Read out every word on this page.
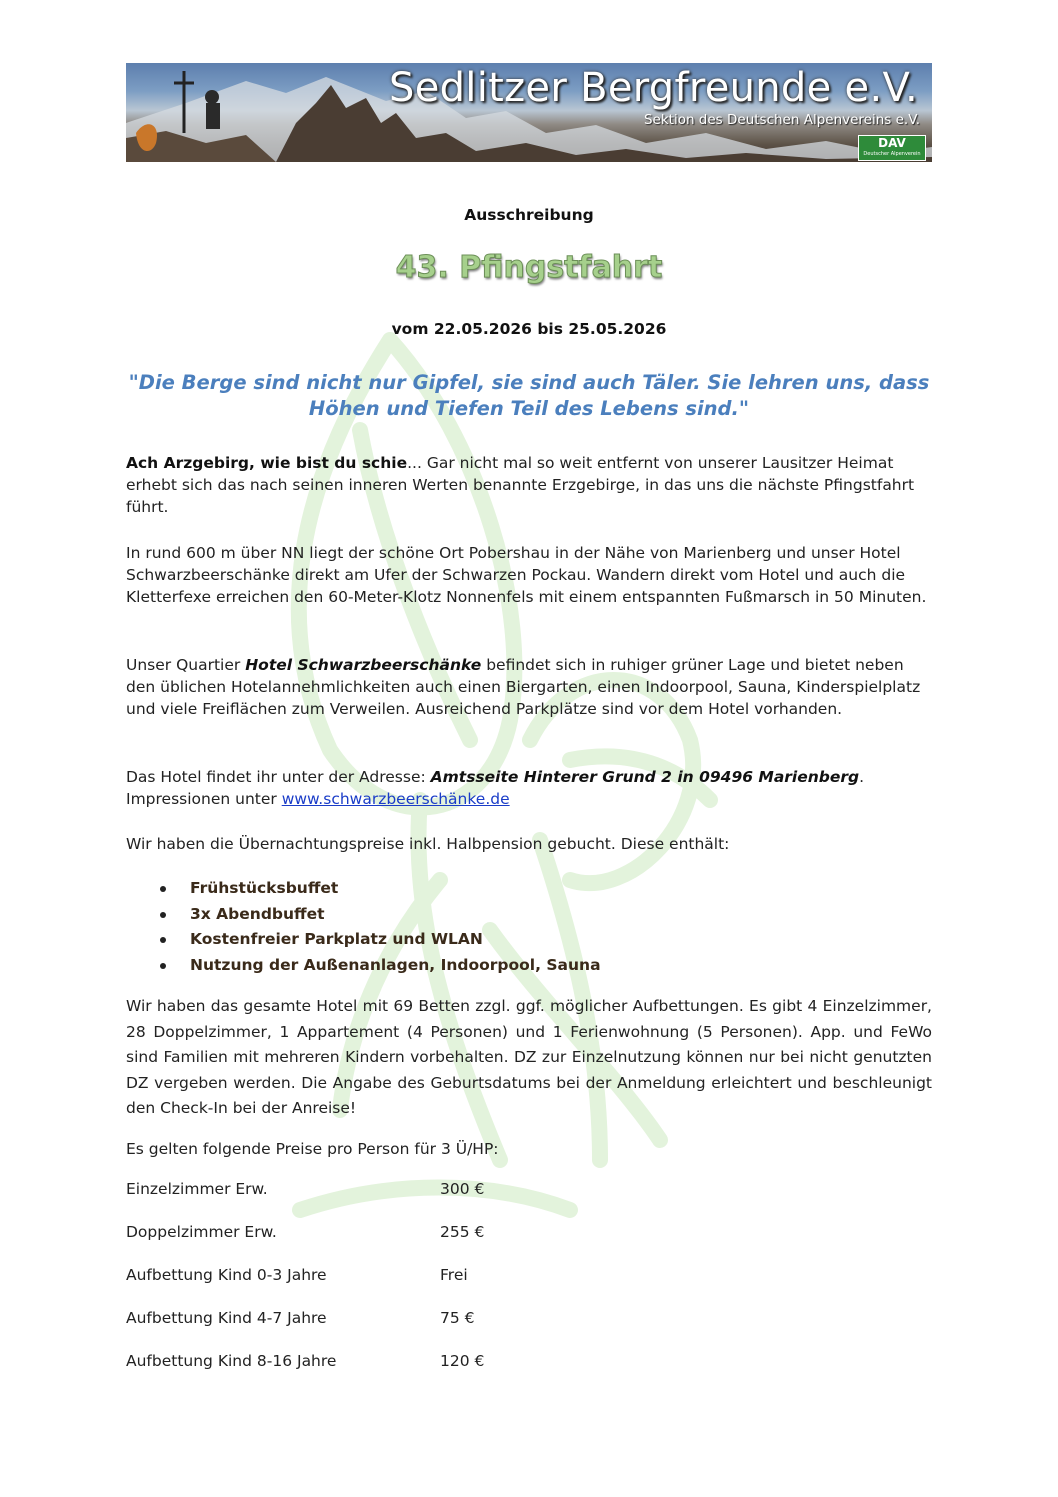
Sedlitzer Bergfreunde e.V.
Sektion des Deutschen Alpenvereins e.V.
DAV
Deutscher Alpenverein
Ausschreibung
43. Pfingstfahrt
vom 22.05.2026 bis 25.05.2026
"Die Berge sind nicht nur Gipfel, sie sind auch Täler. Sie lehren uns, dass Höhen und Tiefen Teil des Lebens sind."
Ach Arzgebirg, wie bist du schie... Gar nicht mal so weit entfernt von unserer Lausitzer Heimat erhebt sich das nach seinen inneren Werten benannte Erzgebirge, in das uns die nächste Pfingstfahrt führt.
In rund 600 m über NN liegt der schöne Ort Pobershau in der Nähe von Marienberg und unser Hotel Schwarzbeerschänke direkt am Ufer der Schwarzen Pockau. Wandern direkt vom Hotel und auch die Kletterfexe erreichen den 60-Meter-Klotz Nonnenfels mit einem entspannten Fußmarsch in 50 Minuten.
Unser Quartier Hotel Schwarzbeerschänke befindet sich in ruhiger grüner Lage und bietet neben den üblichen Hotelannehmlichkeiten auch einen Biergarten, einen Indoorpool, Sauna, Kinderspielplatz und viele Freiflächen zum Verweilen. Ausreichend Parkplätze sind vor dem Hotel vorhanden.
Das Hotel findet ihr unter der Adresse: Amtsseite Hinterer Grund 2 in 09496 Marienberg.
Impressionen unter www.schwarzbeerschänke.de
Wir haben die Übernachtungspreise inkl. Halbpension gebucht. Diese enthält:
Frühstücksbuffet
3x Abendbuffet
Kostenfreier Parkplatz und WLAN
Nutzung der Außenanlagen, Indoorpool, Sauna
Wir haben das gesamte Hotel mit 69 Betten zzgl. ggf. möglicher Aufbettungen. Es gibt 4 Einzelzimmer, 28 Doppelzimmer, 1 Appartement (4 Personen) und 1 Ferienwohnung (5 Personen). App. und FeWo sind Familien mit mehreren Kindern vorbehalten. DZ zur Einzelnutzung können nur bei nicht genutzten DZ vergeben werden. Die Angabe des Geburtsdatums bei der Anmeldung erleichtert und beschleunigt den Check-In bei der Anreise!
Es gelten folgende Preise pro Person für 3 Ü/HP:
Einzelzimmer Erw.	300 €
Doppelzimmer Erw.	255 €
Aufbettung Kind 0-3 Jahre	Frei
Aufbettung Kind 4-7 Jahre	75 €
Aufbettung Kind 8-16 Jahre	120 €
